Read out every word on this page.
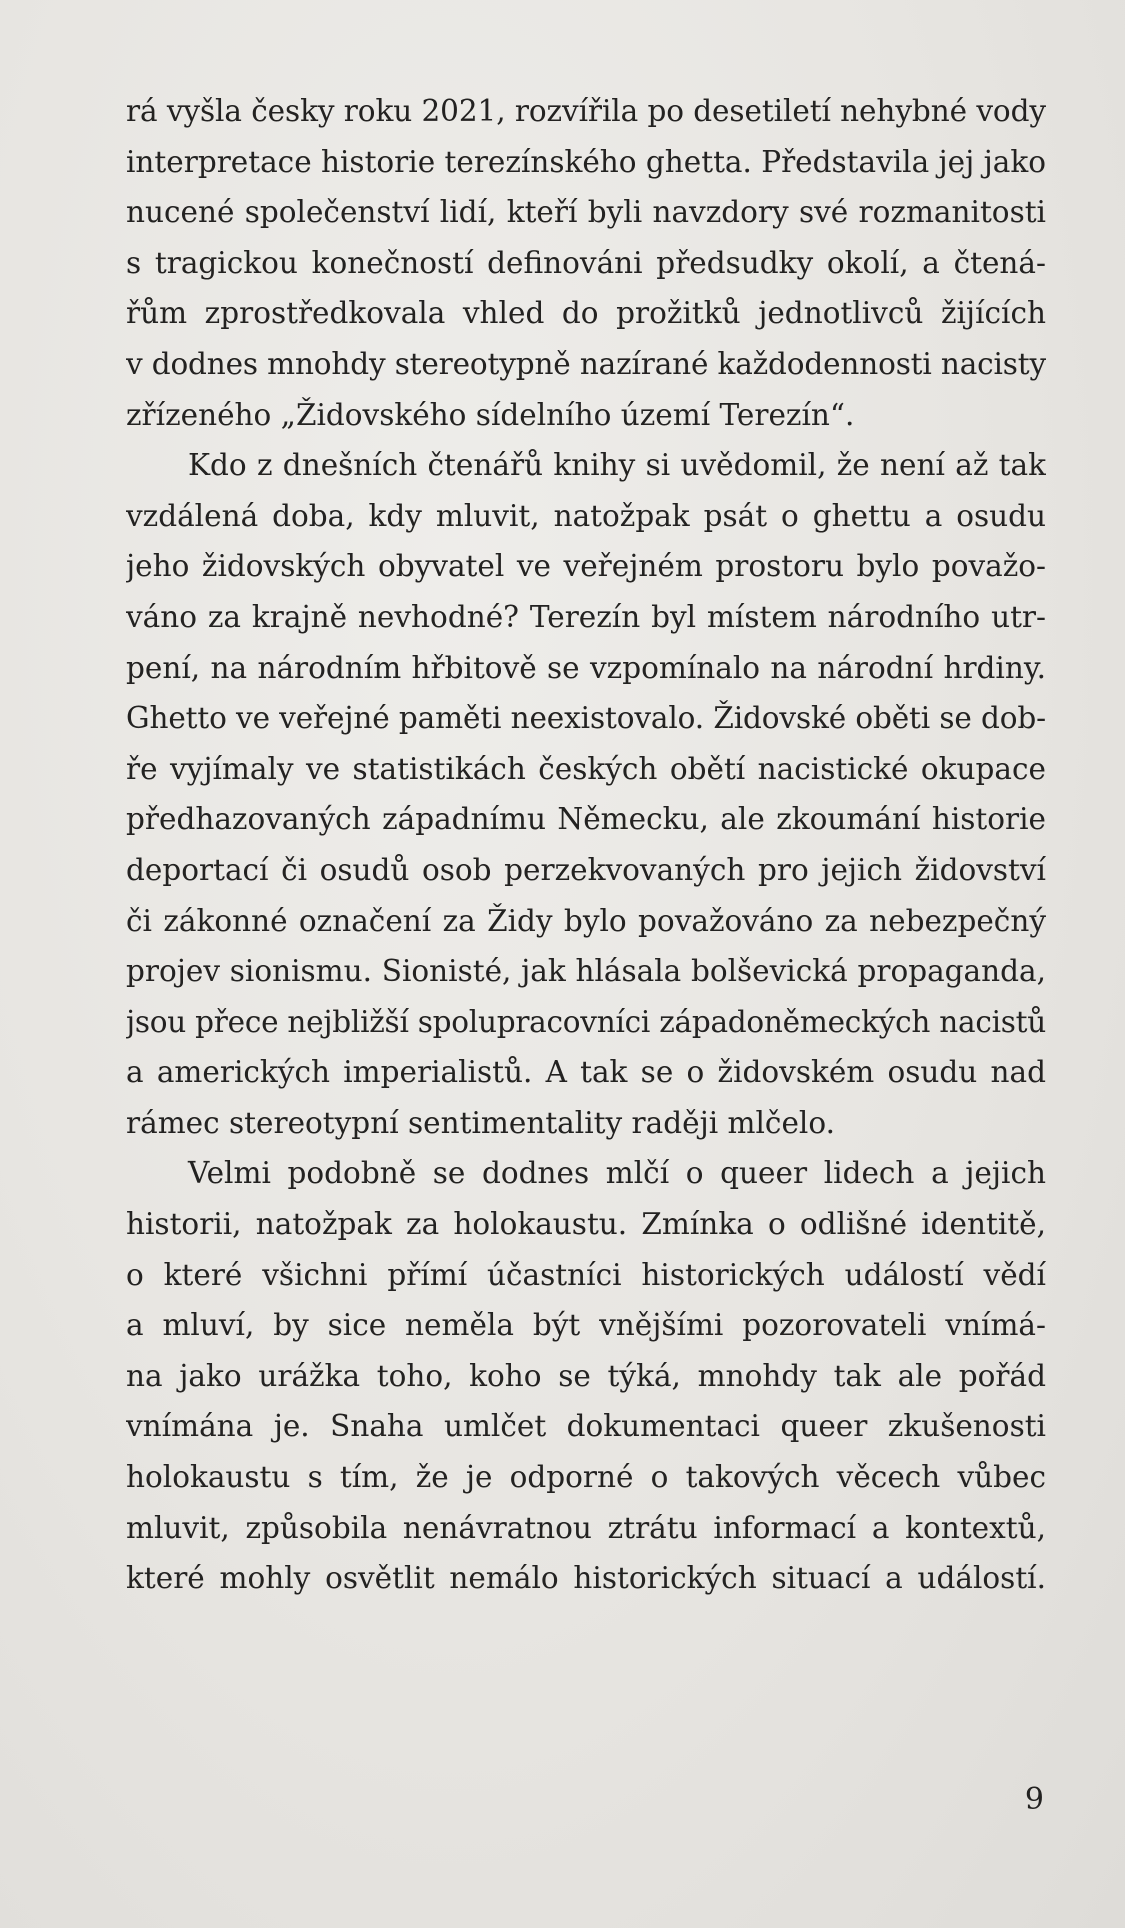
rá vyšla česky roku 2021, rozvířila po desetiletí nehybné vody
interpretace historie terezínského ghetta. Představila jej jako
nucené společenství lidí, kteří byli navzdory své rozmanitosti
s tragickou konečností definováni předsudky okolí, a čtená-
řům zprostředkovala vhled do prožitků jednotlivců žijících
v dodnes mnohdy stereotypně nazírané každodennosti nacisty
zřízeného „Židovského sídelního území Terezín“.
Kdo z dnešních čtenářů knihy si uvědomil, že není až tak
vzdálená doba, kdy mluvit, natožpak psát o ghettu a osudu
jeho židovských obyvatel ve veřejném prostoru bylo považo-
váno za krajně nevhodné? Terezín byl místem národního utr-
pení, na národním hřbitově se vzpomínalo na národní hrdiny.
Ghetto ve veřejné paměti neexistovalo. Židovské oběti se dob-
ře vyjímaly ve statistikách českých obětí nacistické okupace
předhazovaných západnímu Německu, ale zkoumání historie
deportací či osudů osob perzekvovaných pro jejich židovství
či zákonné označení za Židy bylo považováno za nebezpečný
projev sionismu. Sionisté, jak hlásala bolševická propaganda,
jsou přece nejbližší spolupracovníci západoněmeckých nacistů
a amerických imperialistů. A tak se o židovském osudu nad
rámec stereotypní sentimentality raději mlčelo.
Velmi podobně se dodnes mlčí o queer lidech a jejich
historii, natožpak za holokaustu. Zmínka o odlišné identitě,
o které všichni přímí účastníci historických událostí vědí
a mluví, by sice neměla být vnějšími pozorovateli vnímá-
na jako urážka toho, koho se týká, mnohdy tak ale pořád
vnímána je. Snaha umlčet dokumentaci queer zkušenosti
holokaustu s tím, že je odporné o takových věcech vůbec
mluvit, způsobila nenávratnou ztrátu informací a kontextů,
které mohly osvětlit nemálo historických situací a událostí.
9
